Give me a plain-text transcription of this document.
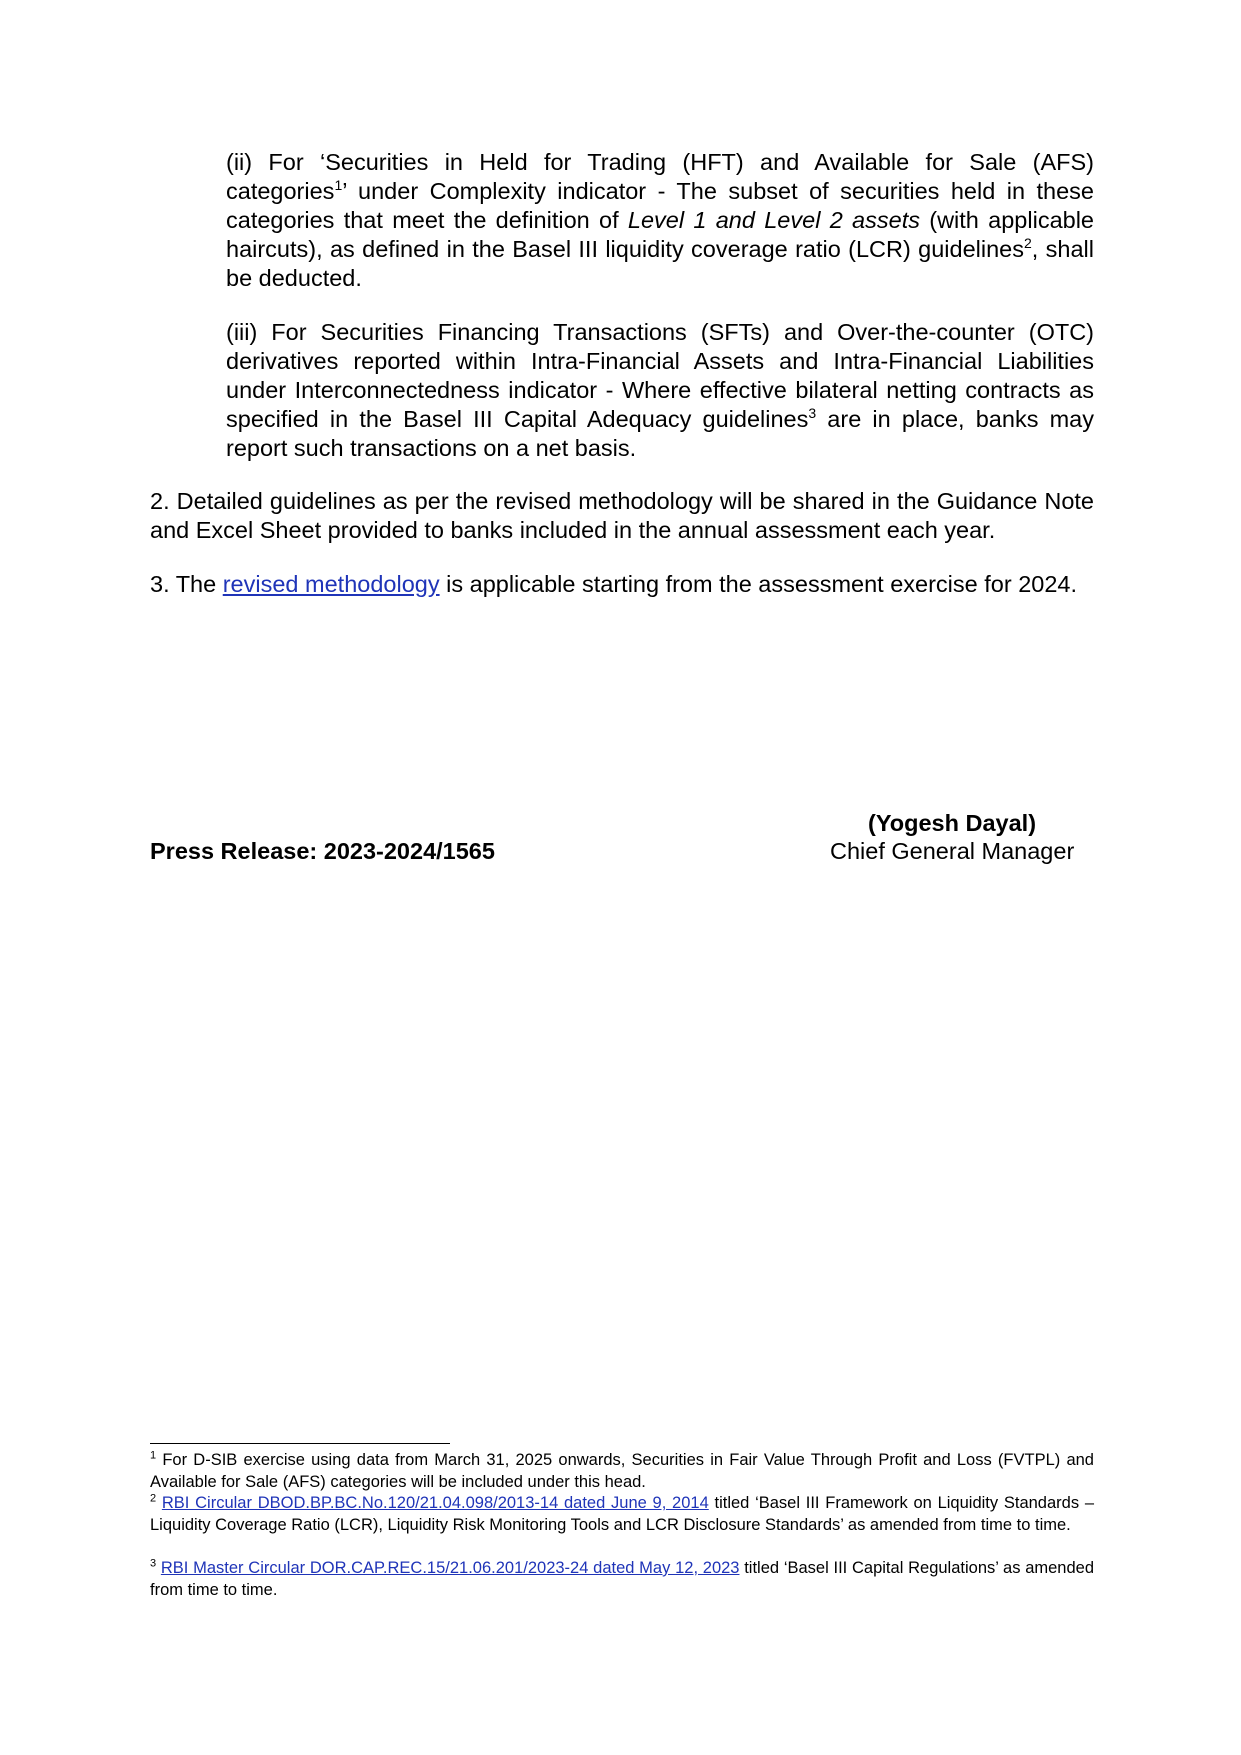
(ii) For ‘Securities in Held for Trading (HFT) and Available for Sale (AFS) categories$^1$’ under Complexity indicator - The subset of securities held in these categories that meet the definition of Level 1 and Level 2 assets (with applicable haircuts), as defined in the Basel III liquidity coverage ratio (LCR) guidelines$^2$, shall be deducted.

(iii) For Securities Financing Transactions (SFTs) and Over-the-counter (OTC) derivatives reported within Intra-Financial Assets and Intra-Financial Liabilities under Interconnectedness indicator - Where effective bilateral netting contracts as specified in the Basel III Capital Adequacy guidelines$^3$ are in place, banks may report such transactions on a net basis.

2. Detailed guidelines as per the revised methodology will be shared in the Guidance Note and Excel Sheet provided to banks included in the annual assessment each year.

3. The revised methodology is applicable starting from the assessment exercise for 2024.

(Yogesh Dayal)
Press Release: 2023-2024/1565	Chief General Manager

$^1$ For D-SIB exercise using data from March 31, 2025 onwards, Securities in Fair Value Through Profit and Loss (FVTPL) and Available for Sale (AFS) categories will be included under this head.

$^2$ RBI Circular DBOD.BP.BC.No.120/21.04.098/2013-14 dated June 9, 2014 titled ‘Basel III Framework on Liquidity Standards – Liquidity Coverage Ratio (LCR), Liquidity Risk Monitoring Tools and LCR Disclosure Standards’ as amended from time to time.

$^3$ RBI Master Circular DOR.CAP.REC.15/21.06.201/2023-24 dated May 12, 2023 titled ‘Basel III Capital Regulations’ as amended from time to time.
